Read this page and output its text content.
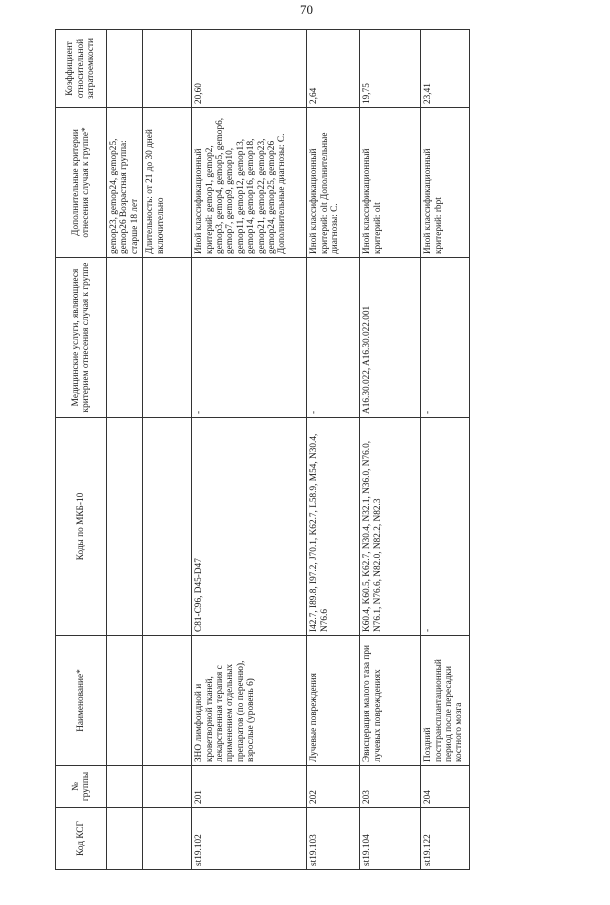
70
Код КСГ	№ группы	Наименование*	Коды по МКБ-10	Медицинские услуги, являющиеся критерием отнесения случая к группе	Дополнительные критерии отнесения случая к группе*	Коэффициент относительной затратоемкости
					gemop23, gemop24, gemop25, gemop26 Возрастная группа: старше 18 лет	
					Длительность: от 21 до 30 дней включительно	
st19.102	201	ЗНО лимфоидной и кроветворной тканей, лекарственная терапия с применением отдельных препаратов (по перечню), взрослые (уровень 6)	C81-C96, D45-D47	-	Иной классификационный критерий: gemop1, gemop2, gemop3, gemop4, gemop5, gemop6, gemop7, gemop9, gemop10, gemop11, gemop12, gemop13, gemop14, gemop16, gemop18, gemop21, gemop22, gemop23, gemop24, gemop25, gemop26 Дополнительные диагнозы: C.	20,60
st19.103	202	Лучевые повреждения	I42.7, I89.8, I97.2, J70.1, K62.7, L58.9, M54, N30.4, N76.6	-	Иной классификационный критерий: olt Дополнительные диагнозы: C.	2,64
st19.104	203	Эвисцерация малого таза при лучевых повреждениях	K60.4, K60.5, K62.7, N30.4, N32.1, N36.0, N76.0, N76.1, N76.6, N82.0, N82.2, N82.3	A16.30.022, A16.30.022.001	Иной классификационный критерий: olt	19,75
st19.122	204	Поздний посттрансплантационный период после пересадки костного мозга	-	-	Иной классификационный критерий: rbpt	23,41
